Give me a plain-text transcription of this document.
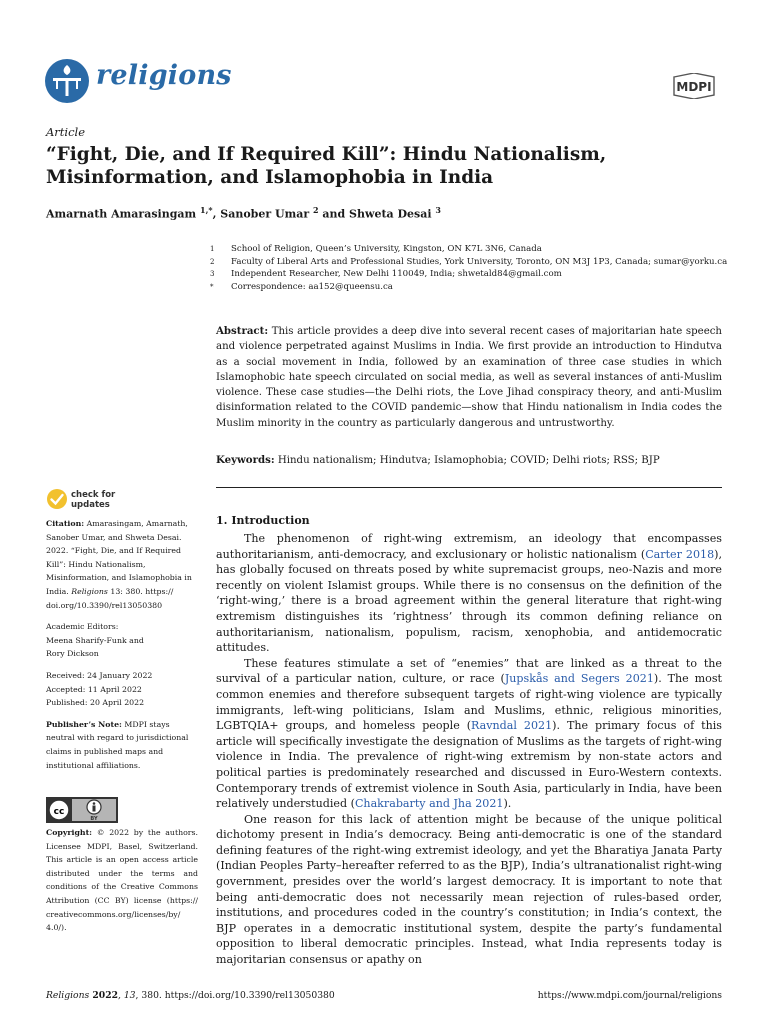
religions	MDPI
Article
“Fight, Die, and If Required Kill”: Hindu Nationalism, Misinformation, and Islamophobia in India
Amarnath Amarasingam $^{1,*}$, Sanober Umar $^2$ and Shweta Desai $^3$
1	School of Religion, Queen’s University, Kingston, ON K7L 3N6, Canada
2	Faculty of Liberal Arts and Professional Studies, York University, Toronto, ON M3J 1P3, Canada; sumar@yorku.ca
3	Independent Researcher, New Delhi 110049, India; shwetald84@gmail.com
*	Correspondence: aa152@queensu.ca
Abstract: This article provides a deep dive into several recent cases of majoritarian hate speech and violence perpetrated against Muslims in India. We first provide an introduction to Hindutva as a social movement in India, followed by an examination of three case studies in which Islamophobic hate speech circulated on social media, as well as several instances of anti-Muslim violence. These case studies—the Delhi riots, the Love Jihad conspiracy theory, and anti-Muslim disinformation related to the COVID pandemic—show that Hindu nationalism in India codes the Muslim minority in the country as particularly dangerous and untrustworthy.
Keywords: Hindu nationalism; Hindutva; Islamophobia; COVID; Delhi riots; RSS; BJP
check for
updates
Citation: Amarasingam, Amarnath, Sanober Umar, and Shweta Desai. 2022. “Fight, Die, and If Required Kill”: Hindu Nationalism, Misinformation, and Islamophobia in India. Religions 13: 380. https:// doi.org/10.3390/rel13050380
Academic Editors:
Meena Sharify-Funk and
Rory Dickson
Received: 24 January 2022
Accepted: 11 April 2022
Published: 20 April 2022
Publisher’s Note: MDPI stays neutral with regard to jurisdictional claims in published maps and institutional affiliations.
cc
BY
Copyright: © 2022 by the authors. Licensee MDPI, Basel, Switzerland. This article is an open access article distributed under the terms and conditions of the Creative Commons Attribution (CC BY) license (https:// creativecommons.org/licenses/by/ 4.0/).
1. Introduction

The phenomenon of right-wing extremism, an ideology that encompasses authoritarianism, anti-democracy, and exclusionary or holistic nationalism (Carter 2018), has globally focused on threats posed by white supremacist groups, neo-Nazis and more recently on violent Islamist groups. While there is no consensus on the definition of the ‘right-wing,’ there is a broad agreement within the general literature that right-wing extremism distinguishes its ‘rightness’ through its common defining reliance on authoritarianism, nationalism, populism, racism, xenophobia, and antidemocratic attitudes.

These features stimulate a set of “enemies” that are linked as a threat to the survival of a particular nation, culture, or race (Jupskås and Segers 2021). The most common enemies and therefore subsequent targets of right-wing violence are typically immigrants, left-wing politicians, Islam and Muslims, ethnic, religious minorities, LGBTQIA+ groups, and homeless people (Ravndal 2021). The primary focus of this article will specifically investigate the designation of Muslims as the targets of right-wing violence in India. The prevalence of right-wing extremism by non-state actors and political parties is predominately researched and discussed in Euro-Western contexts. Contemporary trends of extremist violence in South Asia, particularly in India, have been relatively understudied (Chakrabarty and Jha 2021).

One reason for this lack of attention might be because of the unique political dichotomy present in India’s democracy. Being anti-democratic is one of the standard defining features of the right-wing extremist ideology, and yet the Bharatiya Janata Party (Indian Peoples Party–hereafter referred to as the BJP), India’s ultranationalist right-wing government, presides over the world’s largest democracy. It is important to note that being anti-democratic does not necessarily mean rejection of rules-based order, institutions, and procedures coded in the country’s constitution; in India’s context, the BJP operates in a democratic institutional system, despite the party’s fundamental opposition to liberal democratic principles. Instead, what India represents today is majoritarian consensus or apathy on

Religions 2022, 13, 380. https://doi.org/10.3390/rel13050380	https://www.mdpi.com/journal/religions
